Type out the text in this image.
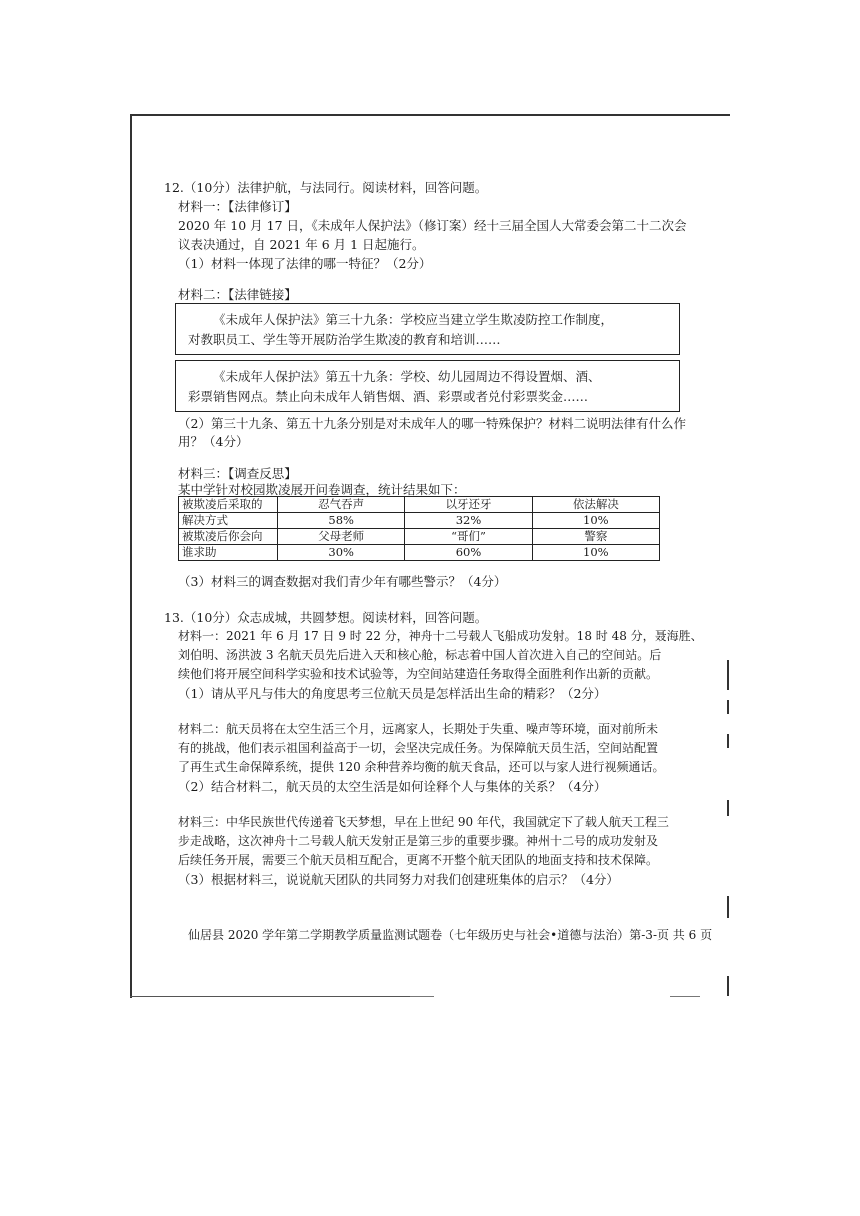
12.（10分）法律护航，与法同行。阅读材料，回答问题。
材料一：【法律修订】
2020 年 10 月 17 日，《未成年人保护法》（修订案）经十三届全国人大常委会第二十二次会
议表决通过，自 2021 年 6 月 1 日起施行。
（1）材料一体现了法律的哪一特征？（2分）
材料二：【法律链接】

《未成年人保护法》第三十九条：学校应当建立学生欺凌防控工作制度，

对教职员工、学生等开展防治学生欺凌的教育和培训……

《未成年人保护法》第五十九条：学校、幼儿园周边不得设置烟、酒、

彩票销售网点。禁止向未成年人销售烟、酒、彩票或者兑付彩票奖金……

（2）第三十九条、第五十九条分别是对未成年人的哪一特殊保护？材料二说明法律有什么作
用？（4分）
材料三：【调查反思】
某中学针对校园欺凌展开问卷调查，统计结果如下：
被欺凌后采取的	忍气吞声	以牙还牙	依法解决
解决方式	58%	32%	10%
被欺凌后你会向	父母老师	“哥们”	警察
谁求助	30%	60%	10%
（3）材料三的调查数据对我们青少年有哪些警示？（4分）
13.（10分）众志成城，共圆梦想。阅读材料，回答问题。
材料一：2021 年 6 月 17 日 9 时 22 分，神舟十二号载人飞船成功发射。18 时 48 分，聂海胜、
刘伯明、汤洪波 3 名航天员先后进入天和核心舱，标志着中国人首次进入自己的空间站。后
续他们将开展空间科学实验和技术试验等，为空间站建造任务取得全面胜利作出新的贡献。
（1）请从平凡与伟大的角度思考三位航天员是怎样活出生命的精彩？（2分）
材料二：航天员将在太空生活三个月，远离家人，长期处于失重、噪声等环境，面对前所未
有的挑战，他们表示祖国利益高于一切，会坚决完成任务。为保障航天员生活，空间站配置
了再生式生命保障系统，提供 120 余种营养均衡的航天食品，还可以与家人进行视频通话。
（2）结合材料二，航天员的太空生活是如何诠释个人与集体的关系？（4分）
材料三：中华民族世代传递着飞天梦想，早在上世纪 90 年代，我国就定下了载人航天工程三
步走战略，这次神舟十二号载人航天发射正是第三步的重要步骤。神州十二号的成功发射及
后续任务开展，需要三个航天员相互配合，更离不开整个航天团队的地面支持和技术保障。
（3）根据材料三，说说航天团队的共同努力对我们创建班集体的启示？（4分）
仙居县 2020 学年第二学期教学质量监测试题卷（七年级历史与社会•道德与法治）第-3-页 共 6 页
